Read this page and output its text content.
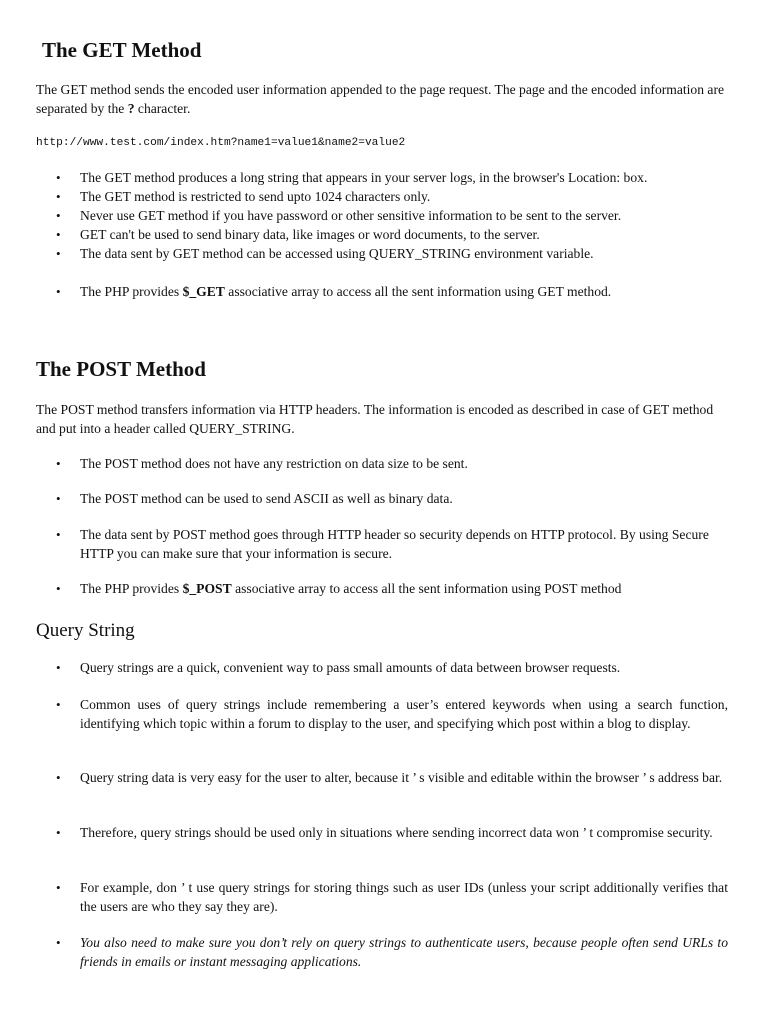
The GET Method

The GET method sends the encoded user information appended to the page request. The page and the encoded information are separated by the ? character.

http://www.test.com/index.htm?name1=value1&name2=value2

•	The GET method produces a long string that appears in your server logs, in the browser's Location: box.
•	The GET method is restricted to send upto 1024 characters only.
•	Never use GET method if you have password or other sensitive information to be sent to the server.
•	GET can't be used to send binary data, like images or word documents, to the server.
•	The data sent by GET method can be accessed using QUERY_STRING environment variable.
•	The PHP provides $_GET associative array to access all the sent information using GET method.
The POST Method

The POST method transfers information via HTTP headers. The information is encoded as described in case of GET method and put into a header called QUERY_STRING.

•	The POST method does not have any restriction on data size to be sent.
•	The POST method can be used to send ASCII as well as binary data.
•	The data sent by POST method goes through HTTP header so security depends on HTTP protocol. By using Secure HTTP you can make sure that your information is secure.
•	The PHP provides $_POST associative array to access all the sent information using POST method
Query String
•	Query strings are a quick, convenient way to pass small amounts of data between browser requests.
•	Common uses of query strings include remembering a user’s entered keywords when using a search function, identifying which topic within a forum to display to the user, and specifying which post within a blog to display.
•	Query string data is very easy for the user to alter, because it ’ s visible and editable within the browser ’ s address bar.
•	Therefore, query strings should be used only in situations where sending incorrect data won ’ t compromise security.
•	For example, don ’ t use query strings for storing things such as user IDs (unless your script additionally verifies that the users are who they say they are).
•	You also need to make sure you don’t rely on query strings to authenticate users, because people often send URLs to friends in emails or instant messaging applications.
